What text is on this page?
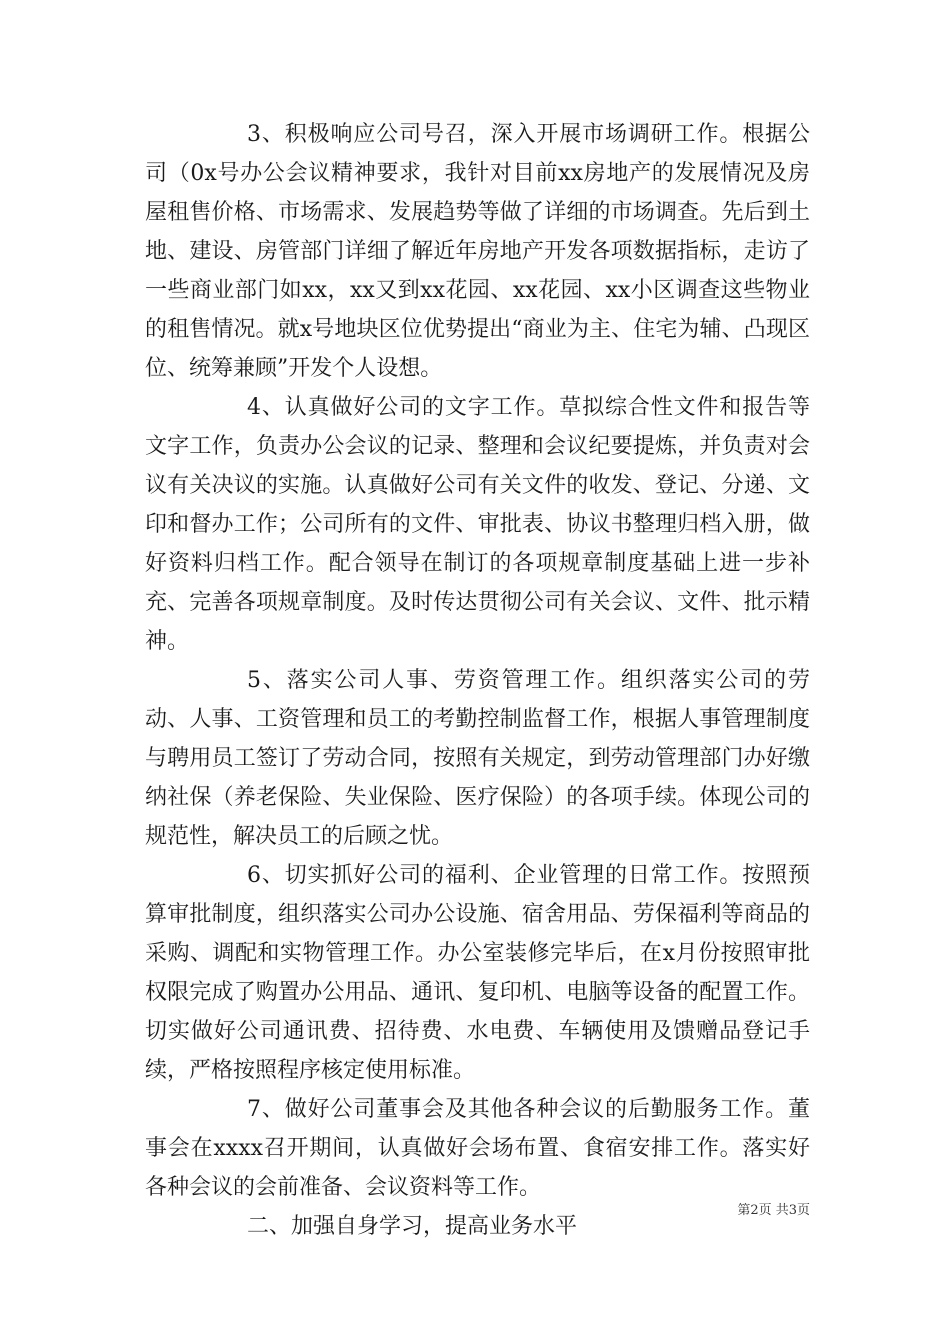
3、积极响应公司号召，深入开展市场调研工作。根据公司（0x号办公会议精神要求，我针对目前xx房地产的发展情况及房屋租售价格、市场需求、发展趋势等做了详细的市场调查。先后到土地、建设、房管部门详细了解近年房地产开发各项数据指标，走访了一些商业部门如xx，xx又到xx花园、xx花园、xx小区调查这些物业的租售情况。就x号地块区位优势提出“商业为主、住宅为辅、凸现区位、统筹兼顾”开发个人设想。

4、认真做好公司的文字工作。草拟综合性文件和报告等文字工作，负责办公会议的记录、整理和会议纪要提炼，并负责对会议有关决议的实施。认真做好公司有关文件的收发、登记、分递、文印和督办工作；公司所有的文件、审批表、协议书整理归档入册，做好资料归档工作。配合领导在制订的各项规章制度基础上进一步补充、完善各项规章制度。及时传达贯彻公司有关会议、文件、批示精神。

5、落实公司人事、劳资管理工作。组织落实公司的劳动、人事、工资管理和员工的考勤控制监督工作，根据人事管理制度与聘用员工签订了劳动合同，按照有关规定，到劳动管理部门办好缴纳社保（养老保险、失业保险、医疗保险）的各项手续。体现公司的规范性，解决员工的后顾之忧。

6、切实抓好公司的福利、企业管理的日常工作。按照预算审批制度，组织落实公司办公设施、宿舍用品、劳保福利等商品的采购、调配和实物管理工作。办公室装修完毕后，在x月份按照审批权限完成了购置办公用品、通讯、复印机、电脑等设备的配置工作。切实做好公司通讯费、招待费、水电费、车辆使用及馈赠品登记手续，严格按照程序核定使用标准。

7、做好公司董事会及其他各种会议的后勤服务工作。董事会在xxxx召开期间，认真做好会场布置、食宿安排工作。落实好各种会议的会前准备、会议资料等工作。

二、加强自身学习，提高业务水平

第2页 共3页
